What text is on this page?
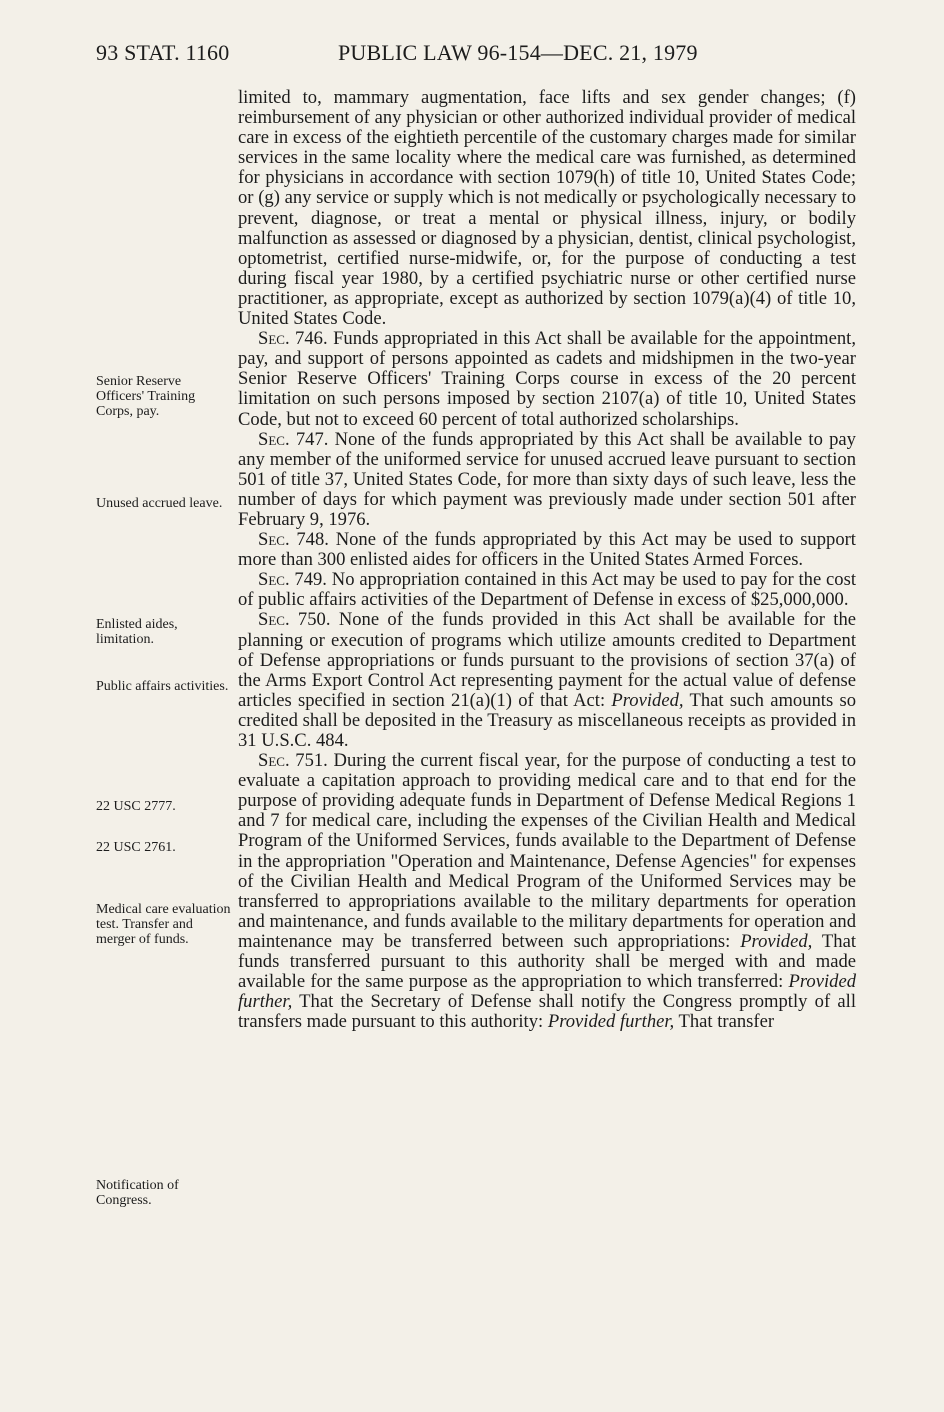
93 STAT. 1160	PUBLIC LAW 96-154—DEC. 21, 1979
Senior Reserve Officers' Training Corps, pay.
Unused accrued leave.
Enlisted aides, limitation.
Public affairs activities.
22 USC 2777.
22 USC 2761.
Medical care evaluation test. Transfer and merger of funds.
Notification of Congress.

limited to, mammary augmentation, face lifts and sex gender changes; (f) reimbursement of any physician or other authorized individual provider of medical care in excess of the eightieth percentile of the customary charges made for similar services in the same locality where the medical care was furnished, as determined for physicians in accordance with section 1079(h) of title 10, United States Code; or (g) any service or supply which is not medically or psychologically necessary to prevent, diagnose, or treat a mental or physical illness, injury, or bodily malfunction as assessed or diagnosed by a physician, dentist, clinical psychologist, optometrist, certified nurse-midwife, or, for the purpose of conducting a test during fiscal year 1980, by a certified psychiatric nurse or other certified nurse practitioner, as appropriate, except as authorized by section 1079(a)(4) of title 10, United States Code.

Sec. 746. Funds appropriated in this Act shall be available for the appointment, pay, and support of persons appointed as cadets and midshipmen in the two-year Senior Reserve Officers' Training Corps course in excess of the 20 percent limitation on such persons imposed by section 2107(a) of title 10, United States Code, but not to exceed 60 percent of total authorized scholarships.

Sec. 747. None of the funds appropriated by this Act shall be available to pay any member of the uniformed service for unused accrued leave pursuant to section 501 of title 37, United States Code, for more than sixty days of such leave, less the number of days for which payment was previously made under section 501 after February 9, 1976.

Sec. 748. None of the funds appropriated by this Act may be used to support more than 300 enlisted aides for officers in the United States Armed Forces.

Sec. 749. No appropriation contained in this Act may be used to pay for the cost of public affairs activities of the Department of Defense in excess of $25,000,000.

Sec. 750. None of the funds provided in this Act shall be available for the planning or execution of programs which utilize amounts credited to Department of Defense appropriations or funds pursuant to the provisions of section 37(a) of the Arms Export Control Act representing payment for the actual value of defense articles specified in section 21(a)(1) of that Act: Provided, That such amounts so credited shall be deposited in the Treasury as miscellaneous receipts as provided in 31 U.S.C. 484.

Sec. 751. During the current fiscal year, for the purpose of conducting a test to evaluate a capitation approach to providing medical care and to that end for the purpose of providing adequate funds in Department of Defense Medical Regions 1 and 7 for medical care, including the expenses of the Civilian Health and Medical Program of the Uniformed Services, funds available to the Department of Defense in the appropriation "Operation and Maintenance, Defense Agencies" for expenses of the Civilian Health and Medical Program of the Uniformed Services may be transferred to appropriations available to the military departments for operation and maintenance, and funds available to the military departments for operation and maintenance may be transferred between such appropriations: Provided, That funds transferred pursuant to this authority shall be merged with and made available for the same purpose as the appropriation to which transferred: Provided further, That the Secretary of Defense shall notify the Congress promptly of all transfers made pursuant to this authority: Provided further, That transfer
